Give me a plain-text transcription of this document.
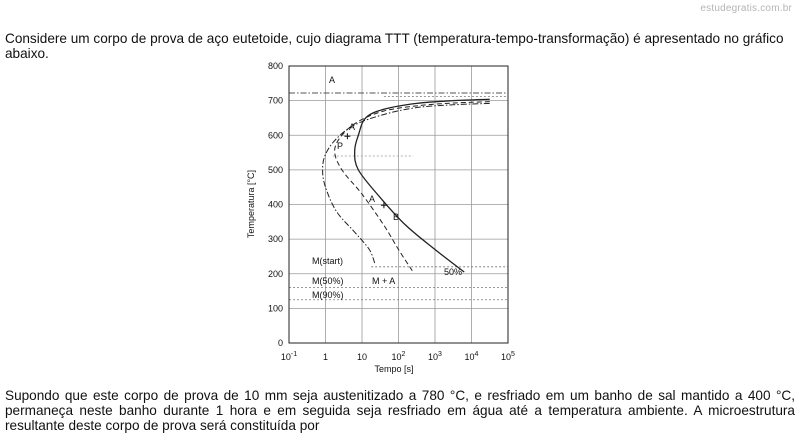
estudegratis.com.br
Considere um corpo de prova de aço eutetoide, cujo diagrama TTT (temperatura-tempo-transformação) é apresentado no gráfico abaixo.
0
100
200
300
400
500
600
700
800
$10^{-1}$	1	10	$10^2$	$10^3$	$10^4$	$10^5$
Temperatura [°C]
Tempo [s]
A
A
P
A
B
50%
M(start)
M(50%)
M(90%)
M + A
Supondo que este corpo de prova de 10 mm seja austenitizado a 780 °C, e resfriado em um banho de sal mantido a 400 °C, permaneça neste banho durante 1 hora e em seguida seja resfriado em água até a temperatura ambiente. A microestrutura resultante deste corpo de prova será constituída por
